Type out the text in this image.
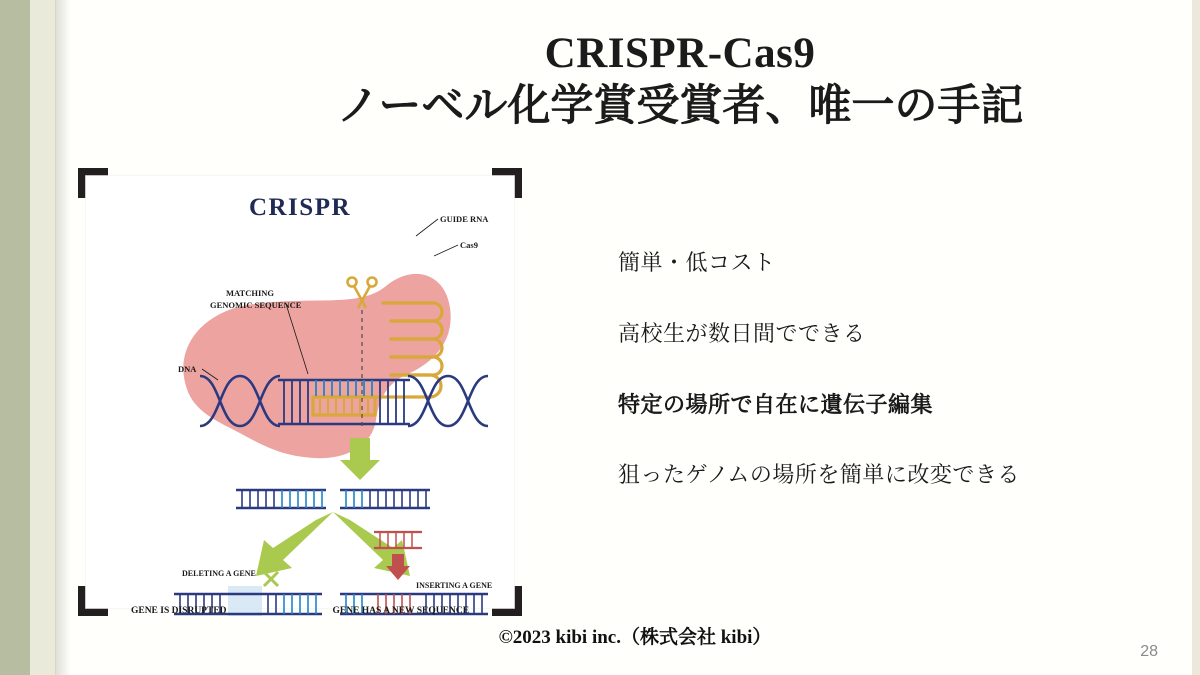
CRISPR-Cas9
ノーベル化学賞受賞者、唯一の手記
CRISPR	GUIDE RNA
Cas9
MATCHING
GENOMIC SEQUENCE
DNA
DELETING A GENE
INSERTING A GENE
GENE IS DISRUPTED	GENE HAS A NEW SEQUENCE
簡単・低コスト
高校生が数日間でできる
特定の場所で自在に遺伝子編集
狙ったゲノムの場所を簡単に改変できる
©2023 kibi inc.（株式会社 kibi）
28
